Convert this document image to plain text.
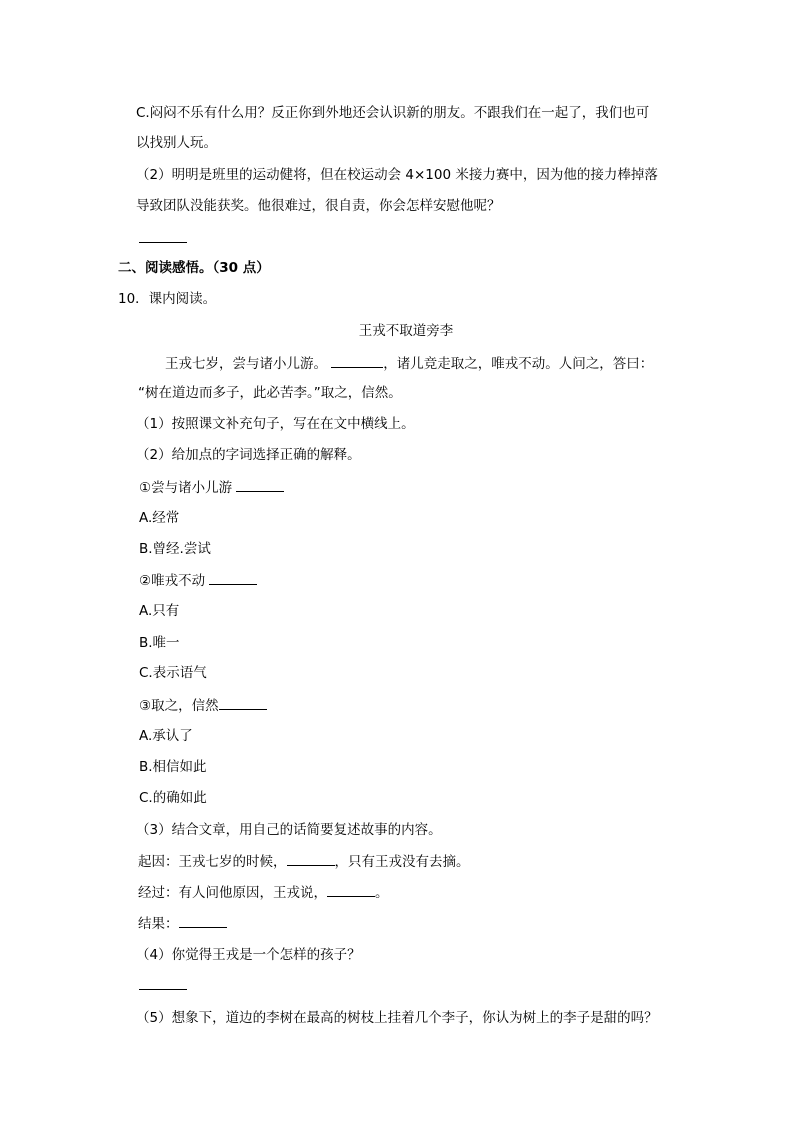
C.闷闷不乐有什么用？反正你到外地还会认识新的朋友。不跟我们在一起了，我们也可
以找别人玩。
（2）明明是班里的运动健将，但在校运动会 4×100 米接力赛中，因为他的接力棒掉落
导致团队没能获奖。他很难过，很自责，你会怎样安慰他呢？
二、阅读感悟。（30 点）
10．课内阅读。
王戎不取道旁李
王戎七岁，尝与诸小儿游。	，诸儿竞走取之，唯戎不动。人问之，答曰：
“树在道边而多子，此必苦李。”取之，信然。
（1）按照课文补充句子，写在在文中横线上。
（2）给加点的字词选择正确的解释。
①尝与诸小儿游
A.经常
B.曾经.尝试
②唯戎不动
A.只有
B.唯一
C.表示语气
③取之，信然
A.承认了
B.相信如此
C.的确如此
（3）结合文章，用自己的话简要复述故事的内容。
起因：王戎七岁的时候，	，只有王戎没有去摘。
经过：有人问他原因，王戎说，	。
结果：
（4）你觉得王戎是一个怎样的孩子？
（5）想象下，道边的李树在最高的树枝上挂着几个李子，你认为树上的李子是甜的吗？
